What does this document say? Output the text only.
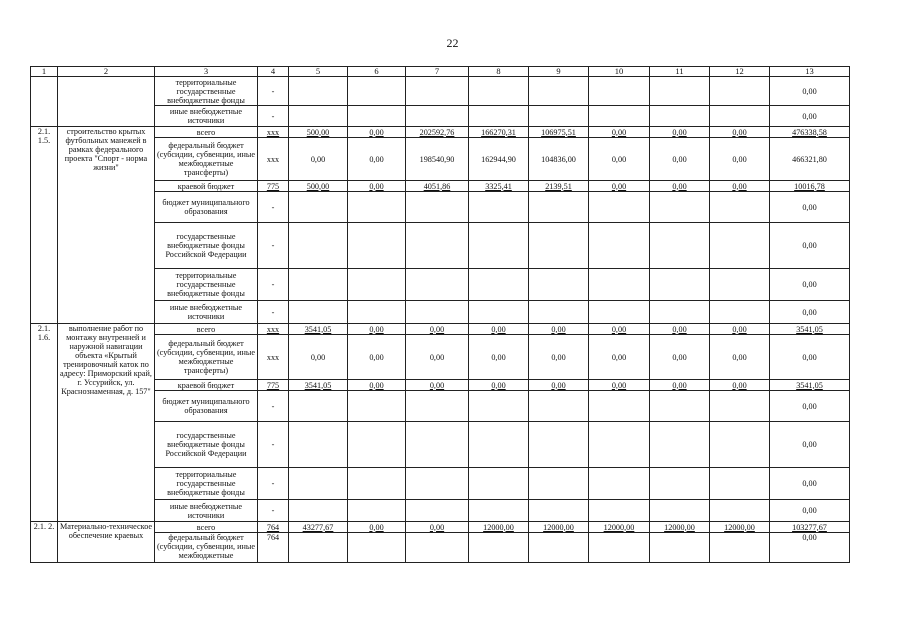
22
1	2	3	4	5	6	7	8	9	10	11	12	13
		территориальные государственные внебюджетные фонды	-									0,00
		иные внебюджетные источники	-									0,00
2.1. 1.5.	строительство крытых футбольных манежей в рамках федерального проекта "Спорт - норма жизни"	всего	xxx	500,00	0,00	202592,76	166270,31	106975,51	0,00	0,00	0,00	476338,58
		федеральный бюджет (субсидии, субвенции, иные межбюджетные трансферты)	xxx	0,00	0,00	198540,90	162944,90	104836,00	0,00	0,00	0,00	466321,80
		краевой бюджет	775	500,00	0,00	4051,86	3325,41	2139,51	0,00	0,00	0,00	10016,78
		бюджет муниципального образования	-									0,00
		государственные внебюджетные фонды Российской Федерации	-									0,00
		территориальные государственные внебюджетные фонды	-									0,00
		иные внебюджетные источники	-									0,00
2.1. 1.6.	выполнение работ по монтажу внутренней и наружной навигации объекта «Крытый тренировочный каток по адресу: Приморский край, г. Уссурийск, ул. Краснознаменная, д. 157"	всего	xxx	3541,05	0,00	0,00	0,00	0,00	0,00	0,00	0,00	3541,05
		федеральный бюджет (субсидии, субвенции, иные межбюджетные трансферты)	xxx	0,00	0,00	0,00	0,00	0,00	0,00	0,00	0,00	0,00
		краевой бюджет	775	3541,05	0,00	0,00	0,00	0,00	0,00	0,00	0,00	3541,05
		бюджет муниципального образования	-									0,00
		государственные внебюджетные фонды Российской Федерации	-									0,00
		территориальные государственные внебюджетные фонды	-									0,00
		иные внебюджетные источники	-									0,00
2.1. 2.	Материально-техническое обеспечение краевых	всего	764	43277,67	0,00	0,00	12000,00	12000,00	12000,00	12000,00	12000,00	103277,67
		федеральный бюджет (субсидии, субвенции, иные межбюджетные	764									0,00
